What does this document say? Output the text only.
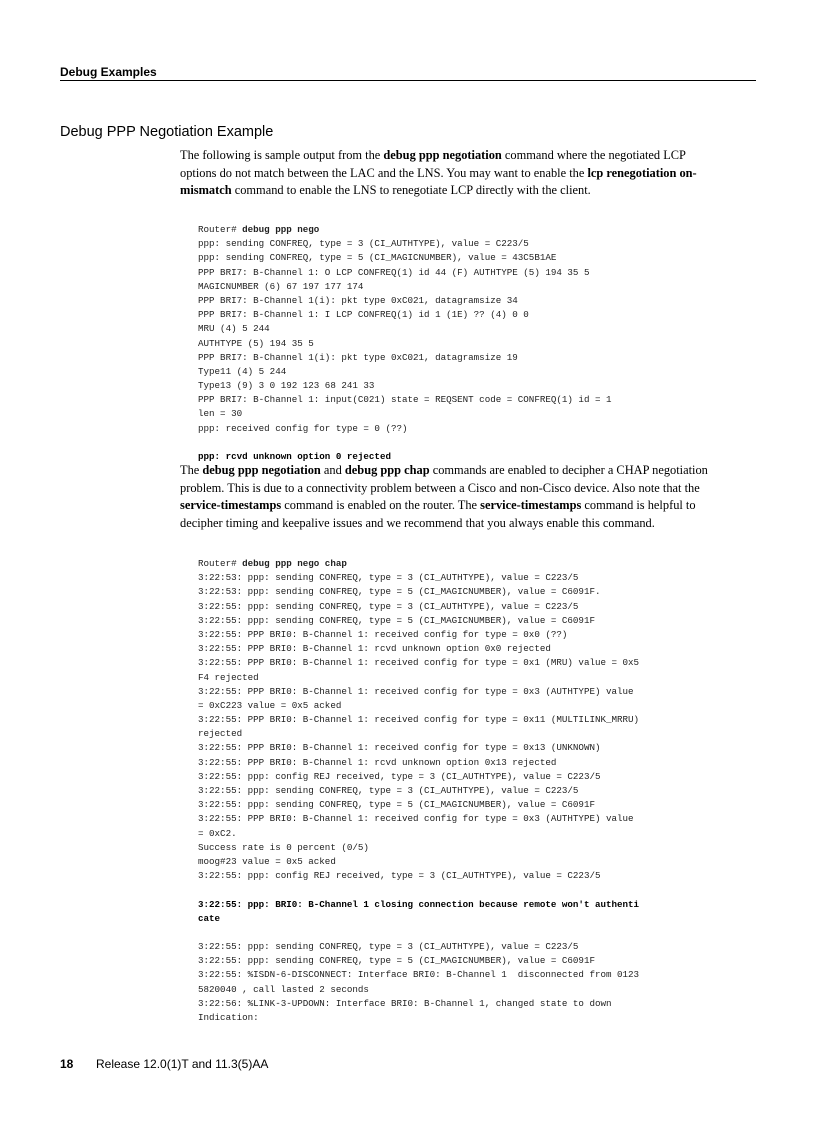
Debug Examples
Debug PPP Negotiation Example
The following is sample output from the debug ppp negotiation command where the negotiated LCP options do not match between the LAC and the LNS. You may want to enable the lcp renegotiation on-mismatch command to enable the LNS to renegotiate LCP directly with the client.
Router# debug ppp nego
ppp: sending CONFREQ, type = 3 (CI_AUTHTYPE), value = C223/5
ppp: sending CONFREQ, type = 5 (CI_MAGICNUMBER), value = 43C5B1AE
PPP BRI7: B-Channel 1: O LCP CONFREQ(1) id 44 (F) AUTHTYPE (5) 194 35 5
MAGICNUMBER (6) 67 197 177 174
PPP BRI7: B-Channel 1(i): pkt type 0xC021, datagramsize 34
PPP BRI7: B-Channel 1: I LCP CONFREQ(1) id 1 (1E) ?? (4) 0 0
MRU (4) 5 244
AUTHTYPE (5) 194 35 5
PPP BRI7: B-Channel 1(i): pkt type 0xC021, datagramsize 19
Type11 (4) 5 244
Type13 (9) 3 0 192 123 68 241 33
PPP BRI7: B-Channel 1: input(C021) state = REQSENT code = CONFREQ(1) id = 1
len = 30
ppp: received config for type = 0 (??)
ppp: rcvd unknown option 0 rejected
The debug ppp negotiation and debug ppp chap commands are enabled to decipher a CHAP negotiation problem. This is due to a connectivity problem between a Cisco and non-Cisco device. Also note that the service-timestamps command is enabled on the router. The service-timestamps command is helpful to decipher timing and keepalive issues and we recommend that you always enable this command.
Router# debug ppp nego chap
3:22:53: ppp: sending CONFREQ, type = 3 (CI_AUTHTYPE), value = C223/5
3:22:53: ppp: sending CONFREQ, type = 5 (CI_MAGICNUMBER), value = C6091F.
3:22:55: ppp: sending CONFREQ, type = 3 (CI_AUTHTYPE), value = C223/5
3:22:55: ppp: sending CONFREQ, type = 5 (CI_MAGICNUMBER), value = C6091F
3:22:55: PPP BRI0: B-Channel 1: received config for type = 0x0 (??)
3:22:55: PPP BRI0: B-Channel 1: rcvd unknown option 0x0 rejected
3:22:55: PPP BRI0: B-Channel 1: received config for type = 0x1 (MRU) value = 0x5
F4 rejected
3:22:55: PPP BRI0: B-Channel 1: received config for type = 0x3 (AUTHTYPE) value
= 0xC223 value = 0x5 acked
3:22:55: PPP BRI0: B-Channel 1: received config for type = 0x11 (MULTILINK_MRRU)
rejected
3:22:55: PPP BRI0: B-Channel 1: received config for type = 0x13 (UNKNOWN)
3:22:55: PPP BRI0: B-Channel 1: rcvd unknown option 0x13 rejected
3:22:55: ppp: config REJ received, type = 3 (CI_AUTHTYPE), value = C223/5
3:22:55: ppp: sending CONFREQ, type = 3 (CI_AUTHTYPE), value = C223/5
3:22:55: ppp: sending CONFREQ, type = 5 (CI_MAGICNUMBER), value = C6091F
3:22:55: PPP BRI0: B-Channel 1: received config for type = 0x3 (AUTHTYPE) value
= 0xC2.
Success rate is 0 percent (0/5)
moog#23 value = 0x5 acked
3:22:55: ppp: config REJ received, type = 3 (CI_AUTHTYPE), value = C223/5
3:22:55: ppp: BRI0: B-Channel 1 closing connection because remote won't authenti
cate
3:22:55: ppp: sending CONFREQ, type = 3 (CI_AUTHTYPE), value = C223/5
3:22:55: ppp: sending CONFREQ, type = 5 (CI_MAGICNUMBER), value = C6091F
3:22:55: %ISDN-6-DISCONNECT: Interface BRI0: B-Channel 1  disconnected from 0123
5820040 , call lasted 2 seconds
3:22:56: %LINK-3-UPDOWN: Interface BRI0: B-Channel 1, changed state to down
Indication:
18 Release 12.0(1)T and 11.3(5)AA
